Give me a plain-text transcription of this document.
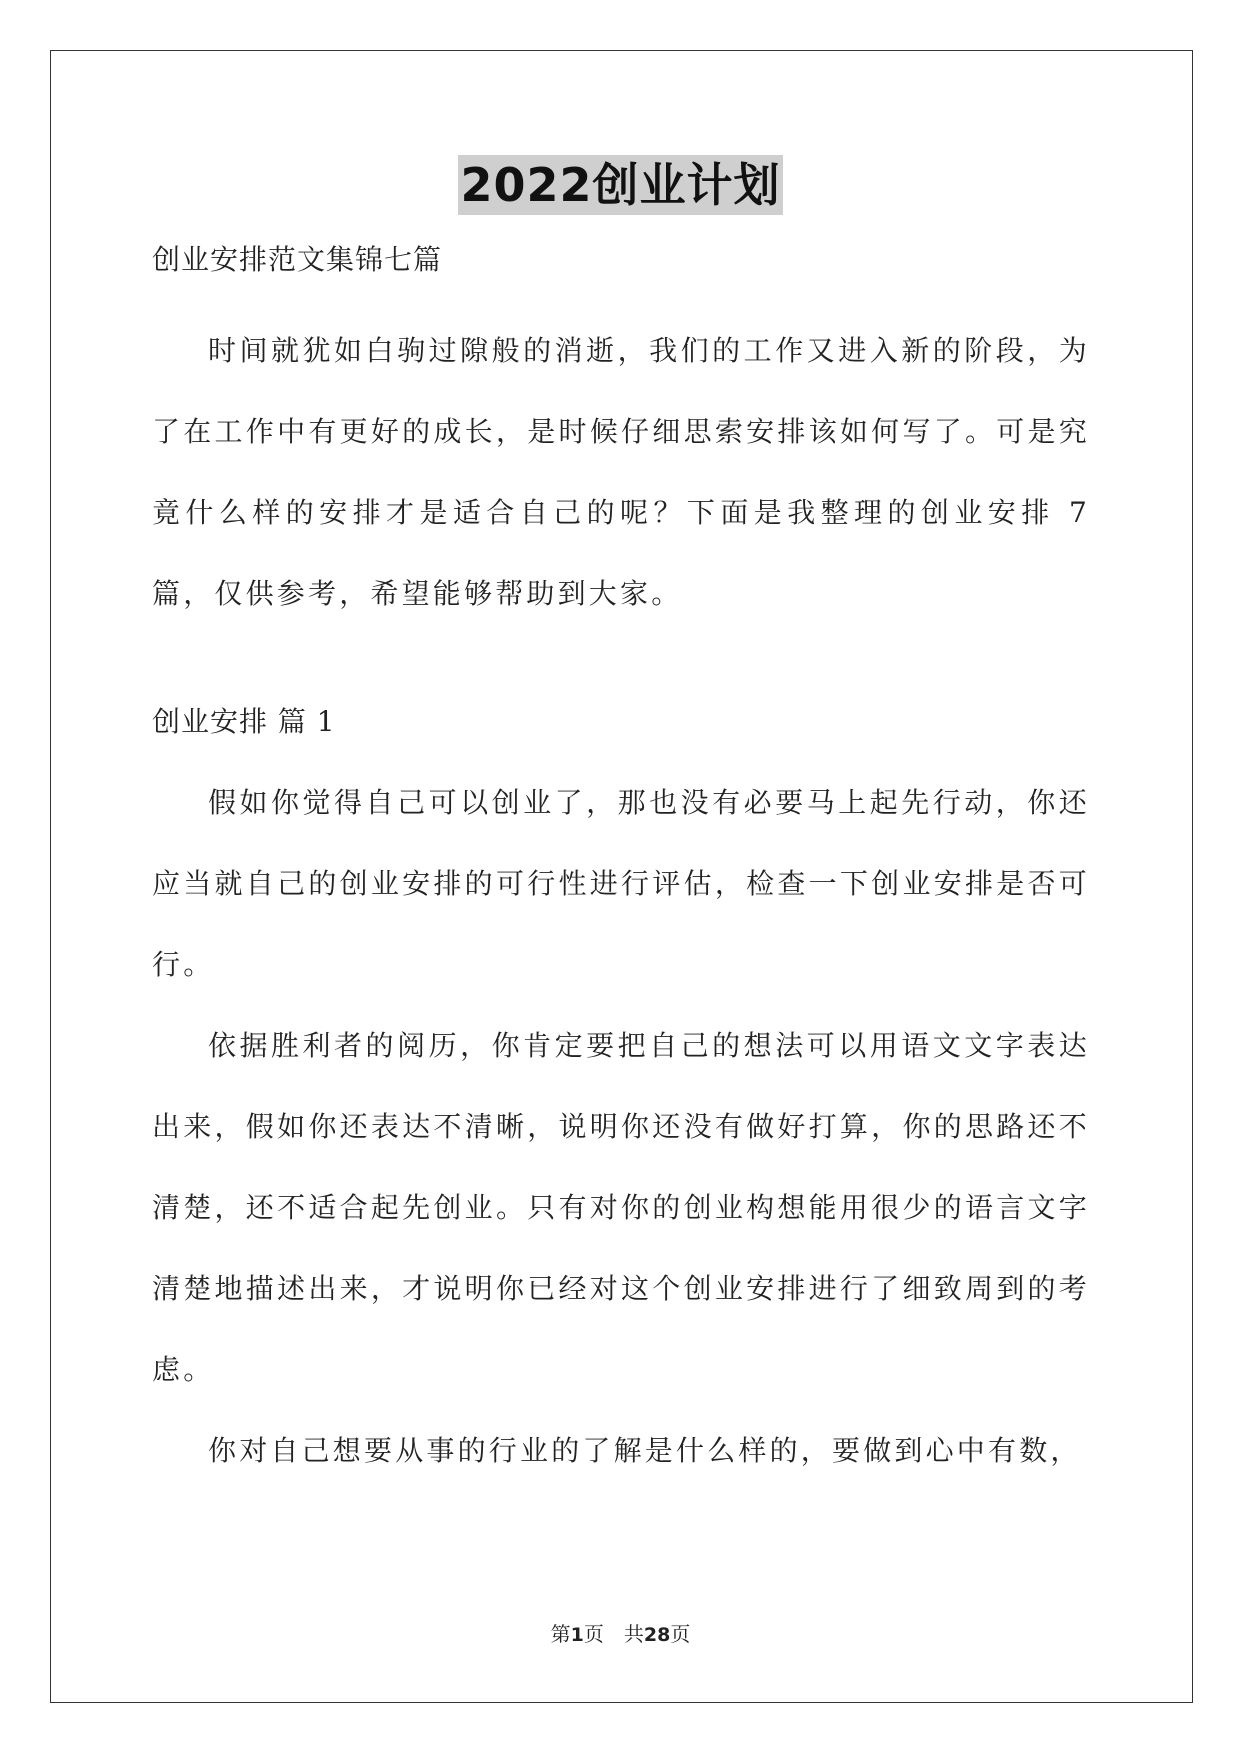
2022创业计划

创业安排范文集锦七篇

时间就犹如白驹过隙般的消逝，我们的工作又进入新的阶段，为了在工作中有更好的成长，是时候仔细思索安排该如何写了。可是究竟什么样的安排才是适合自己的呢？下面是我整理的创业安排 7 篇，仅供参考，希望能够帮助到大家。

创业安排 篇 1

假如你觉得自己可以创业了，那也没有必要马上起先行动，你还应当就自己的创业安排的可行性进行评估，检查一下创业安排是否可行。

依据胜利者的阅历，你肯定要把自己的想法可以用语文文字表达出来，假如你还表达不清晰，说明你还没有做好打算，你的思路还不清楚，还不适合起先创业。只有对你的创业构想能用很少的语言文字清楚地描述出来，才说明你已经对这个创业安排进行了细致周到的考虑。

你对自己想要从事的行业的了解是什么样的，要做到心中有数，

第1页　共28页
